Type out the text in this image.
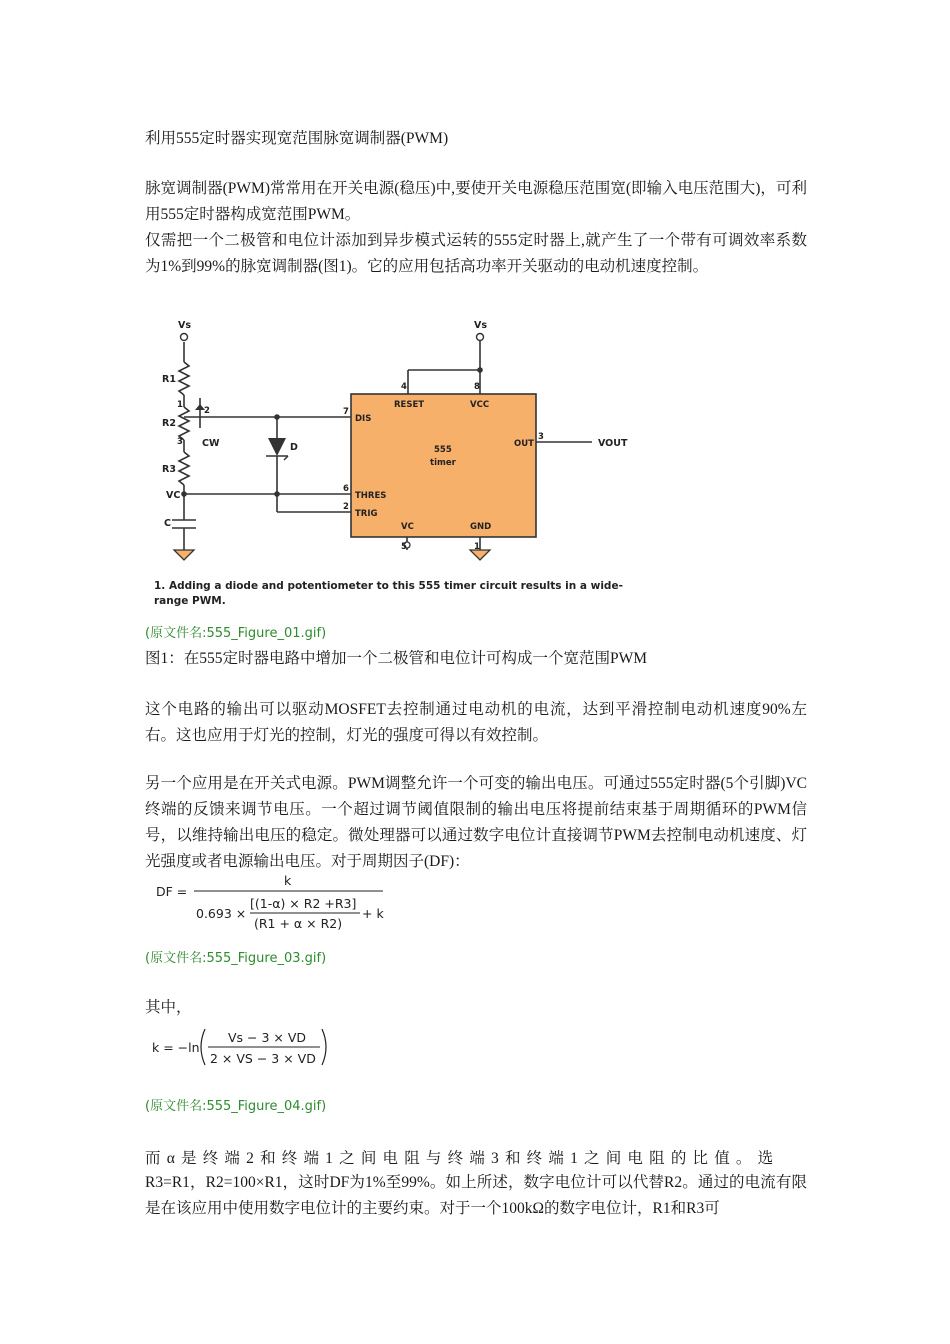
利用555定时器实现宽范围脉宽调制器(PWM)

脉宽调制器(PWM)常常用在开关电源(稳压)中,要使开关电源稳压范围宽(即输入电压范围大)，可利用555定时器构成宽范围PWM。

仅需把一个二极管和电位计添加到异步模式运转的555定时器上,就产生了一个带有可调效率系数为1%到99%的脉宽调制器(图1)。它的应用包括高功率开关驱动的电动机速度控制。

Vs	Vs
R1
R2
R3
VC
C
CW	D
1
2
3
4	8
7
6
2
3
5	1
RESET	VCC
DIS
OUT
THRES
TRIG
VC	GND
555
timer
VOUT
1. Adding a diode and potentiometer to this 555 timer circuit results in a wide-
range PWM.

(原文件名:555_Figure_01.gif)

图1：在555定时器电路中增加一个二极管和电位计可构成一个宽范围PWM

这个电路的输出可以驱动MOSFET去控制通过电动机的电流，达到平滑控制电动机速度90%左右。这也应用于灯光的控制，灯光的强度可得以有效控制。

另一个应用是在开关式电源。PWM调整允许一个可变的输出电压。可通过555定时器(5个引脚)VC终端的反馈来调节电压。一个超过调节阈值限制的输出电压将提前结束基于周期循环的PWM信号，以维持输出电压的稳定。微处理器可以通过数字电位计直接调节PWM去控制电动机速度、灯光强度或者电源输出电压。对于周期因子(DF)：

DF =
k
0.693 ×
[(1-α) × R2 +R3]
(R1 + α × R2)
+ k

(原文件名:555_Figure_03.gif)

其中，

k = −ln
Vs − 3 × VD
2 × VS − 3 × VD

(原文件名:555_Figure_04.gif)

而α是终端2和终端1之间电阻与终端3和终端1之间电阻的比值。选

R3=R1，R2=100×R1，这时DF为1%至99%。如上所述，数字电位计可以代替R2。通过的电流有限是在该应用中使用数字电位计的主要约束。对于一个100kΩ的数字电位计，R1和R3可
